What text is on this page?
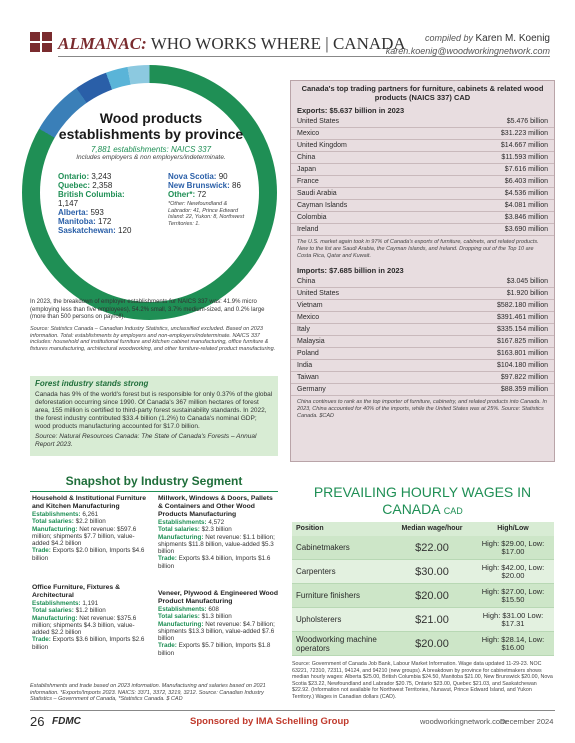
ALMANAC: WHO WORKS WHERE | CANADA	compiled by Karen M. Koenig
karen.koenig@woodworkingnetwork.com
Wood products establishments by province
7,881 establishments: NAICS 337
Includes employers & non employers/indeterminate.
Ontario: 3,243
Quebec: 2,358
British Columbia:
1,147
Alberta: 593
Manitoba: 172
Saskatchewan: 120
Nova Scotia: 90
New Brunswick: 86
Other*: 72
*Other: Newfoundland & Labrador: 41, Prince Edward Island: 22, Yukon: 8, Northwest Territories: 1.
In 2023, the breakdown of employer establishments for NAICS 337 was: 41.9% micro (employing less than five employees), 54.2% small, 3.7% medium-sized, and 0.2% large (more than 500 persons on payroll).
Source: Statistics Canada – Canadian Industry Statistics, unclassified excluded. Based on 2023 information. Total: establishments by employers and non-employers/indeterminate. NAICS 337 includes: household and institutional furniture and kitchen cabinet manufacturing, office furniture & fixtures manufacturing, architectural woodworking, and other furniture-related product manufacturing.
Forest industry stands strong

Canada has 9% of the world's forest but is responsible for only 0.37% of the global deforestation occurring since 1990. Of Canada's 367 million hectares of forest area, 155 million is certified to third-party forest sustainability standards. In 2022, the forest industry contributed $33.4 billion (1.2%) to Canada's nominal GDP; wood products manufacturing accounted for $17.0 billion.

Source: Natural Resources Canada: The State of Canada's Forests – Annual Report 2023.

Snapshot by Industry Segment
Household & Institutional Furniture and Kitchen Manufacturing
Establishments: 6,261
Total salaries: $2.2 billion
Manufacturing: Net revenue: $597.6 million; shipments $7.7 billion, value-added $4.2 billion
Trade: Exports $2.0 billion, Imports $4.6 billion
Office Furniture, Fixtures & Architectural
Establishments: 1,191
Total salaries: $1.2 billion
Manufacturing: Net revenue: $375.6 million; shipments $4.3 billion, value-added $2.2 billion
Trade: Exports $3.6 billion, Imports $2.6 billion
Millwork, Windows & Doors, Pallets & Containers and Other Wood Products Manufacturing
Establishments: 4,572
Total salaries: $2.3 billion
Manufacturing: Net revenue: $1.1 billion; shipments $11.8 billion, value-added $5.3 billion
Trade: Exports $3.4 billion, Imports $1.6 billion
Veneer, Plywood & Engineered Wood Product Manufacturing
Establishments: 608
Total salaries: $1.3 billion
Manufacturing: Net revenue: $4.7 billion; shipments $13.3 billion, value-added $7.6 billion
Trade: Exports $5.7 billion, Imports $1.8 billion
Establishments and trade based on 2023 information. Manufacturing and salaries based on 2021 information. *Exports/Imports 2023. NAICS: 3371, 3372, 3219, 3212. Source: Canadian Industry Statistics – Government of Canada, *Statistics Canada. $ CAD
Canada's top trading partners for furniture, cabinets & related wood products (NAICS 337) CAD
Exports: $5.637 billion in 2023
United States	$5.476 billion
Mexico	$31.223 million
United Kingdom	$14.667 million
China	$11.593 million
Japan	$7.616 million
France	$6.403 million
Saudi Arabia	$4.536 million
Cayman Islands	$4.081 million
Colombia	$3.846 million
Ireland	$3.690 million
The U.S. market again took in 97% of Canada's exports of furniture, cabinets, and related products. New to the list are Saudi Arabia, the Cayman Islands, and Ireland. Dropping out of the Top 10 are Costa Rica, Qatar and Kuwait.
Imports: $7.685 billion in 2023
China	$3.045 billion
United States	$1.920 billion
Vietnam	$582.180 million
Mexico	$391.461 million
Italy	$335.154 million
Malaysia	$167.825 million
Poland	$163.801 million
India	$104.180 million
Taiwan	$97.822 million
Germany	$88.359 million
China continues to rank as the top importer of furniture, cabinetry, and related products into Canada. In 2023, China accounted for 40% of the imports, while the United States was at 25%. Source: Statistics Canada. $CAD
PREVAILING HOURLY WAGES IN CANADA CAD
Position	Median wage/hour	High/Low
Cabinetmakers	$22.00	High: $29.00, Low: $17.00
Carpenters	$30.00	High: $42.00, Low: $20.00
Furniture finishers	$20.00	High: $27.00, Low: $15.50
Upholsterers	$21.00	High: $31.00 Low: $17.31
Woodworking machine operators	$20.00	High: $28.14, Low: $16.00
Source: Government of Canada Job Bank, Labour Market Information. Wage data updated 11-29-23. NOC 63221, 72310, 72311, 94124, and 94210 (new groups). A breakdown by province for cabinetmakers shows median hourly wages: Alberta $25.00, British Columbia $24.50, Manitoba $21.00, New Brunswick $20.00, Nova Scotia $23.22, Newfoundland and Labrador $20.75, Ontario $23.00, Quebec $21.03, and Saskatchewan $22.92. (Information not available for Northwest Territories, Nunavut, Prince Edward Island, and Yukon Territory.) Wages in Canadian dollars (CAD).
26 FDMC	Sponsored by IMA Schelling Group	woodworkingnetwork.com
December 2024
